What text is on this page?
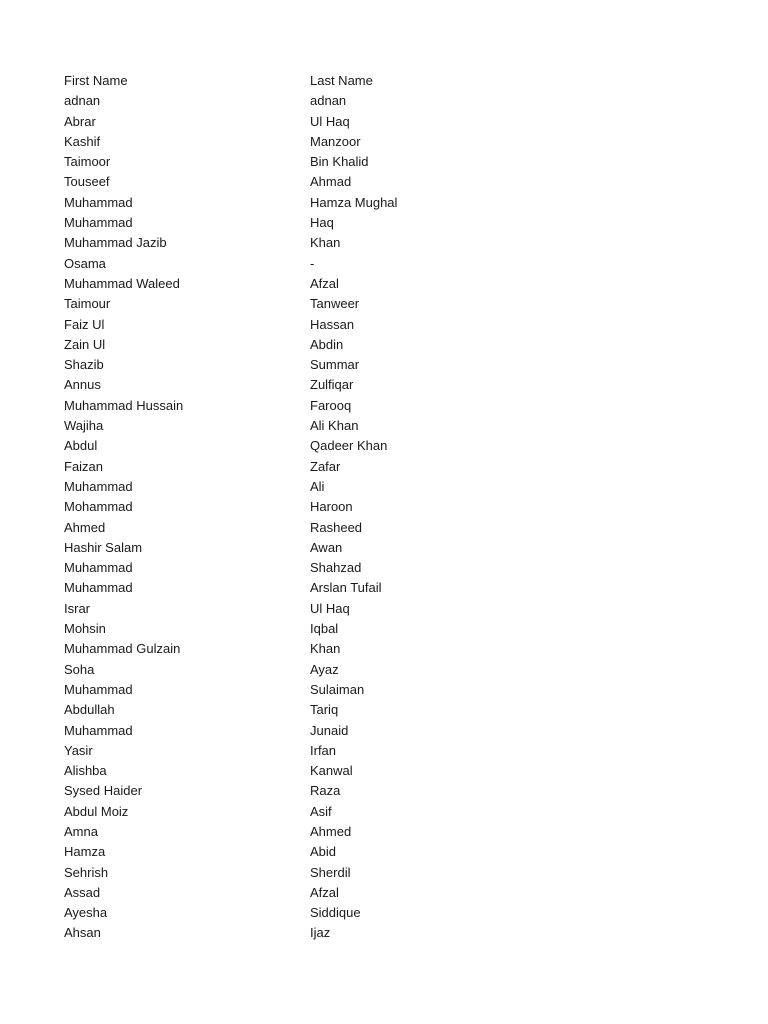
First Name	Last Name
adnan	adnan
Abrar	Ul Haq
Kashif	Manzoor
Taimoor	Bin Khalid
Touseef	Ahmad
Muhammad	Hamza Mughal
Muhammad	Haq
Muhammad Jazib	Khan
Osama	-
Muhammad Waleed	Afzal
Taimour	Tanweer
Faiz Ul	Hassan
Zain Ul	Abdin
Shazib	Summar
Annus	Zulfiqar
Muhammad Hussain	Farooq
Wajiha	Ali Khan
Abdul	Qadeer Khan
Faizan	Zafar
Muhammad	Ali
Mohammad	Haroon
Ahmed	Rasheed
Hashir Salam	Awan
Muhammad	Shahzad
Muhammad	Arslan Tufail
Israr	Ul Haq
Mohsin	Iqbal
Muhammad Gulzain	Khan
Soha	Ayaz
Muhammad	Sulaiman
Abdullah	Tariq
Muhammad	Junaid
Yasir	Irfan
Alishba	Kanwal
Sysed Haider	Raza
Abdul Moiz	Asif
Amna	Ahmed
Hamza	Abid
Sehrish	Sherdil
Assad	Afzal
Ayesha	Siddique
Ahsan	Ijaz
